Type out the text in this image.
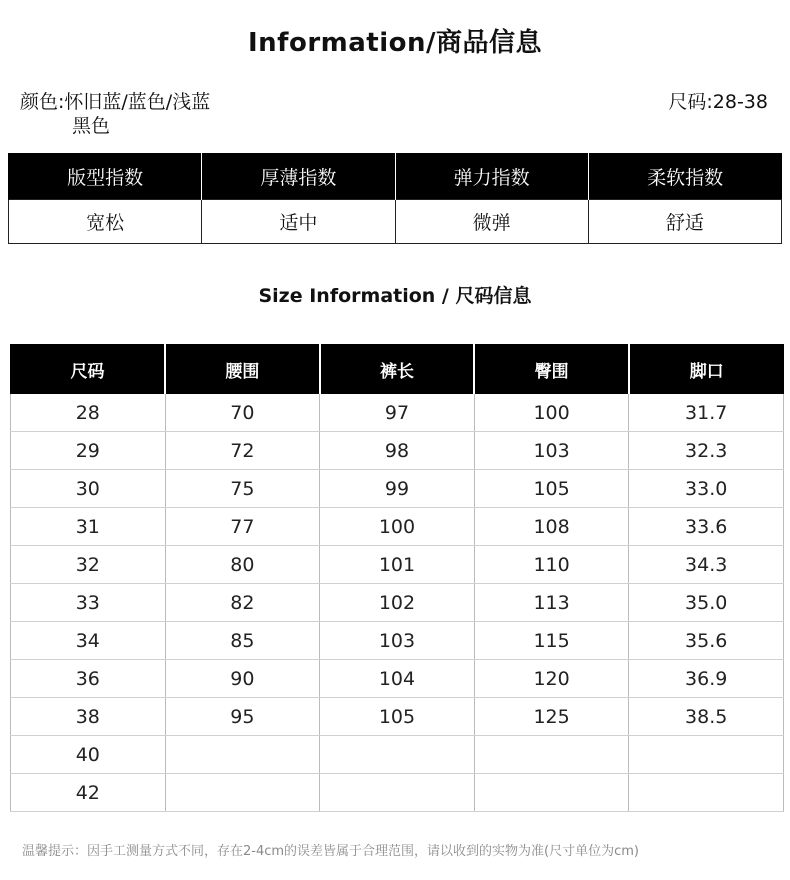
Information/商品信息
颜色:怀旧蓝/蓝色/浅蓝
黑色
尺码:28-38
版型指数	厚薄指数	弹力指数	柔软指数
宽松	适中	微弹	舒适
Size Information / 尺码信息
尺码	腰围	裤长	臀围	脚口
28	70	97	100	31.7
29	72	98	103	32.3
30	75	99	105	33.0
31	77	100	108	33.6
32	80	101	110	34.3
33	82	102	113	35.0
34	85	103	115	35.6
36	90	104	120	36.9
38	95	105	125	38.5
40				
42				
温馨提示：因手工测量方式不同，存在2-4cm的误差皆属于合理范围，请以收到的实物为准(尺寸单位为cm)
